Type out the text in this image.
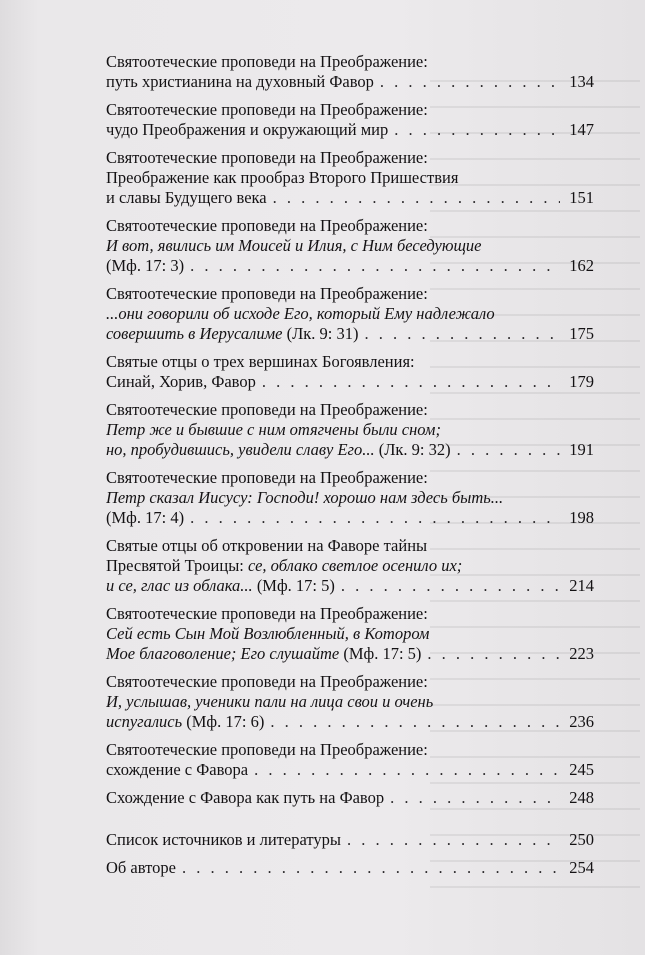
Святоотеческие проповеди на Преображение:
путь христианина на духовный Фавор . . .	134
Святоотеческие проповеди на Преображение:
чудо Преображения и окружающий мир . . .	147
Святоотеческие проповеди на Преображение:
Преображение как прообраз Второго Пришествия
и славы Будущего века . . .	151
Святоотеческие проповеди на Преображение:
И вот, явились им Моисей и Илия, с Ним беседующие
(Мф. 17: 3) . . .	162
Святоотеческие проповеди на Преображение:
...они говорили об исходе Его, который Ему надлежало
совершить в Иерусалиме (Лк. 9: 31) . . .	175
Святые отцы о трех вершинах Богоявления:
Синай, Хорив, Фавор . . .	179
Святоотеческие проповеди на Преображение:
Петр же и бывшие с ним отягчены были сном;
но, пробудившись, увидели славу Его... (Лк. 9: 32) . . .	191
Святоотеческие проповеди на Преображение:
Петр сказал Иисусу: Господи! хорошо нам здесь быть...
(Мф. 17: 4) . . .	198
Святые отцы об откровении на Фаворе тайны
Пресвятой Троицы: се, облако светлое осенило их;
и се, глас из облака... (Мф. 17: 5) . . .	214
Святоотеческие проповеди на Преображение:
Сей есть Сын Мой Возлюбленный, в Котором
Мое благоволение; Его слушайте (Мф. 17: 5) . . .	223
Святоотеческие проповеди на Преображение:
И, услышав, ученики пали на лица свои и очень
испугались (Мф. 17: 6) . . .	236
Святоотеческие проповеди на Преображение:
схождение с Фавора . . .	245
Схождение с Фавора как путь на Фавор . . .	248
Список источников и литературы . . .	250
Об авторе . . .	254
